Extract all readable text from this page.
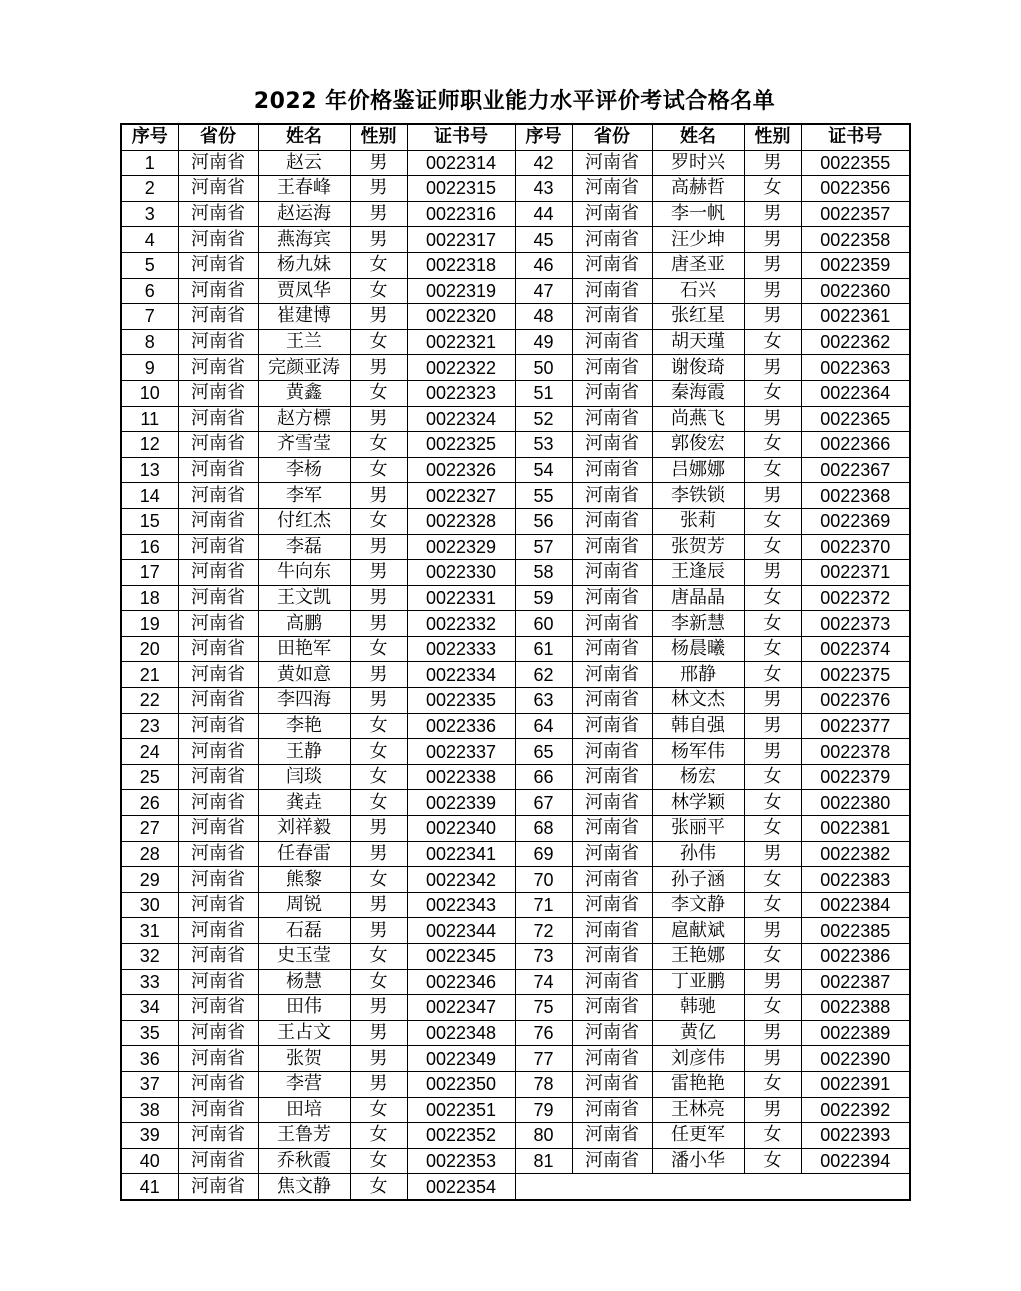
2022 年价格鉴证师职业能力水平评价考试合格名单
序号	省份	姓名	性别	证书号	序号	省份	姓名	性别	证书号
1	河南省	赵云	男	0022314	42	河南省	罗时兴	男	0022355
2	河南省	王春峰	男	0022315	43	河南省	高赫哲	女	0022356
3	河南省	赵运海	男	0022316	44	河南省	李一帆	男	0022357
4	河南省	燕海宾	男	0022317	45	河南省	汪少坤	男	0022358
5	河南省	杨九妹	女	0022318	46	河南省	唐圣亚	男	0022359
6	河南省	贾凤华	女	0022319	47	河南省	石兴	男	0022360
7	河南省	崔建博	男	0022320	48	河南省	张红星	男	0022361
8	河南省	王兰	女	0022321	49	河南省	胡天瑾	女	0022362
9	河南省	完颜亚涛	男	0022322	50	河南省	谢俊琦	男	0022363
10	河南省	黄鑫	女	0022323	51	河南省	秦海霞	女	0022364
11	河南省	赵方標	男	0022324	52	河南省	尚燕飞	男	0022365
12	河南省	齐雪莹	女	0022325	53	河南省	郭俊宏	女	0022366
13	河南省	李杨	女	0022326	54	河南省	吕娜娜	女	0022367
14	河南省	李军	男	0022327	55	河南省	李铁锁	男	0022368
15	河南省	付红杰	女	0022328	56	河南省	张莉	女	0022369
16	河南省	李磊	男	0022329	57	河南省	张贺芳	女	0022370
17	河南省	牛向东	男	0022330	58	河南省	王逢辰	男	0022371
18	河南省	王文凯	男	0022331	59	河南省	唐晶晶	女	0022372
19	河南省	高鹏	男	0022332	60	河南省	李新慧	女	0022373
20	河南省	田艳军	女	0022333	61	河南省	杨晨曦	女	0022374
21	河南省	黄如意	男	0022334	62	河南省	邢静	女	0022375
22	河南省	李四海	男	0022335	63	河南省	林文杰	男	0022376
23	河南省	李艳	女	0022336	64	河南省	韩自强	男	0022377
24	河南省	王静	女	0022337	65	河南省	杨军伟	男	0022378
25	河南省	闫琰	女	0022338	66	河南省	杨宏	女	0022379
26	河南省	龚垚	女	0022339	67	河南省	林学颖	女	0022380
27	河南省	刘祥毅	男	0022340	68	河南省	张丽平	女	0022381
28	河南省	任春雷	男	0022341	69	河南省	孙伟	男	0022382
29	河南省	熊黎	女	0022342	70	河南省	孙子涵	女	0022383
30	河南省	周锐	男	0022343	71	河南省	李文静	女	0022384
31	河南省	石磊	男	0022344	72	河南省	扈献斌	男	0022385
32	河南省	史玉莹	女	0022345	73	河南省	王艳娜	女	0022386
33	河南省	杨慧	女	0022346	74	河南省	丁亚鹏	男	0022387
34	河南省	田伟	男	0022347	75	河南省	韩驰	女	0022388
35	河南省	王占文	男	0022348	76	河南省	黄亿	男	0022389
36	河南省	张贺	男	0022349	77	河南省	刘彦伟	男	0022390
37	河南省	李营	男	0022350	78	河南省	雷艳艳	女	0022391
38	河南省	田培	女	0022351	79	河南省	王林亮	男	0022392
39	河南省	王鲁芳	女	0022352	80	河南省	任更军	女	0022393
40	河南省	乔秋霞	女	0022353	81	河南省	潘小华	女	0022394
41	河南省	焦文静	女	0022354					
